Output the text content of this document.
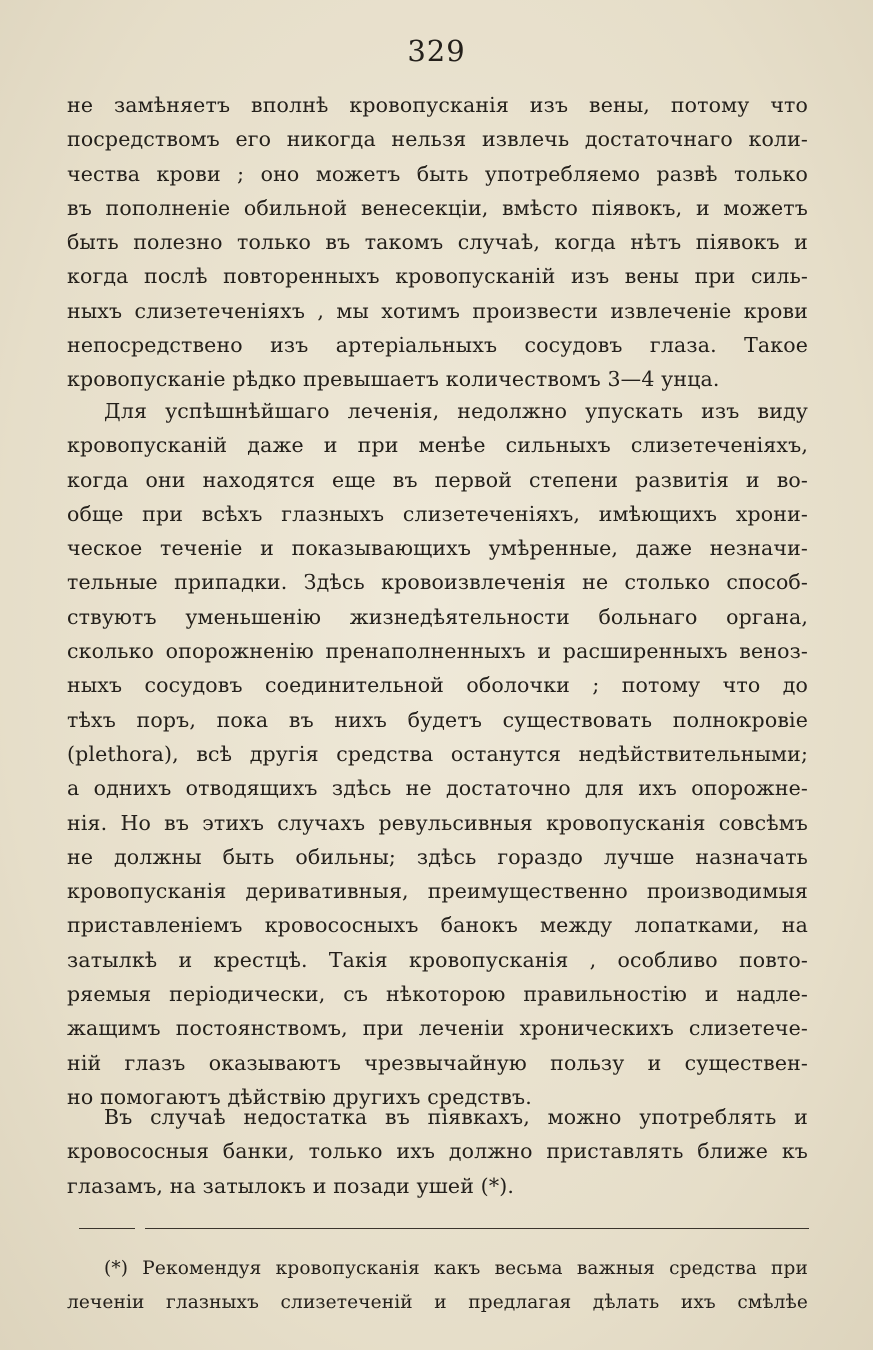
329
не замѣняетъ вполнѣ кровопусканія изъ вены, потому что
посредствомъ его никогда нельзя извлечь достаточнаго коли-
чества крови ; оно можетъ быть употребляемо развѣ только
въ пополненіе обильной венесекціи, вмѣсто піявокъ, и можетъ
быть полезно только въ такомъ случаѣ, когда нѣтъ піявокъ и
когда послѣ повторенныхъ кровопусканій изъ вены при силь-
ныхъ слизетеченіяхъ , мы хотимъ произвести извлеченіе крови
непосредствено изъ артеріальныхъ сосудовъ глаза. Такое
кровопусканіе рѣдко превышаетъ количествомъ 3—4 унца.
Для успѣшнѣйшаго леченія, недолжно упускать изъ виду
кровопусканій даже и при менѣе сильныхъ слизетеченіяхъ,
когда они находятся еще въ первой степени развитія и во-
обще при всѣхъ глазныхъ слизетеченіяхъ, имѣющихъ хрони-
ческое теченіе и показывающихъ умѣренные, даже незначи-
тельные припадки. Здѣсь кровоизвлеченія не столько способ-
ствуютъ уменьшенію жизнедѣятельности больнаго органа,
сколько опорожненію пренаполненныхъ и расширенныхъ веноз-
ныхъ сосудовъ соединительной оболочки ; потому что до
тѣхъ поръ, пока въ нихъ будетъ существовать полнокровіе
(plethora), всѣ другія средства останутся недѣйствительными;
а однихъ отводящихъ здѣсь не достаточно для ихъ опорожне-
нія. Но въ этихъ случахъ ревульсивныя кровопусканія совсѣмъ
не должны быть обильны; здѣсь гораздо лучше назначать
кровопусканія деривативныя, преимущественно производимыя
приставленіемъ кровососныхъ банокъ между лопатками, на
затылкѣ и крестцѣ. Такія кровопусканія , особливо повто-
ряемыя періодически, съ нѣкоторою правильностію и надле-
жащимъ постоянствомъ, при леченіи хроническихъ слизетече-
ній глазъ оказываютъ чрезвычайную пользу и существен-
но помогаютъ дѣйствію другихъ средствъ.
Въ случаѣ недостатка въ піявкахъ, можно употреблять и
кровососныя банки, только ихъ должно приставлять ближе къ
глазамъ, на затылокъ и позади ушей (*).
(*) Рекомендуя кровопусканія какъ весьма важныя средства при
леченіи глазныхъ слизетеченій и предлагая дѣлать ихъ смѣлѣе
